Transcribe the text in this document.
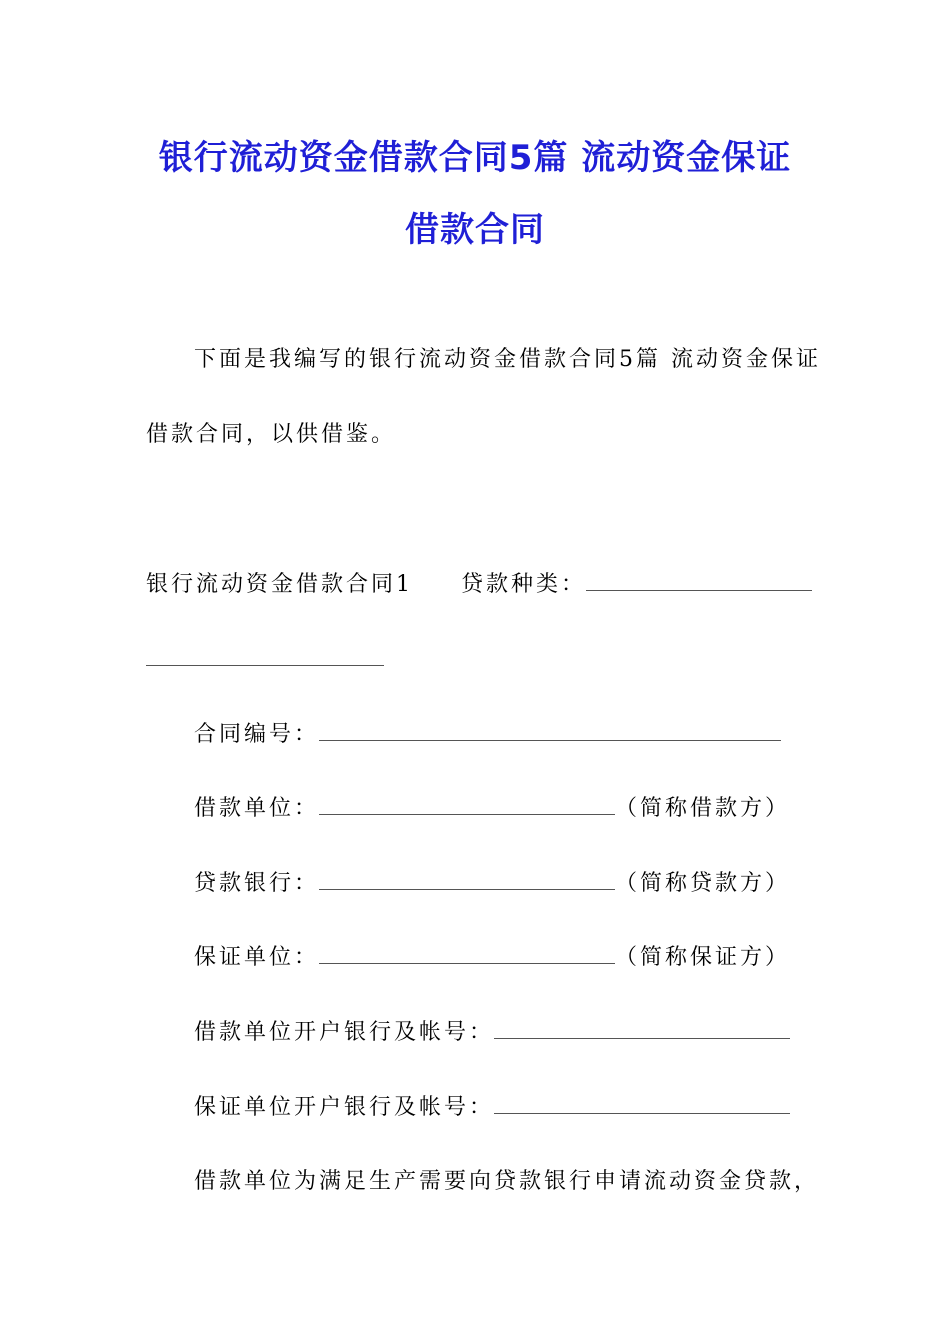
银行流动资金借款合同5篇 流动资金保证
借款合同
下面是我编写的银行流动资金借款合同5篇 流动资金保证
借款合同，以供借鉴。
银行流动资金借款合同1 贷款种类：
合同编号：
借款单位：	（简称借款方）
贷款银行：	（简称贷款方）
保证单位：	（简称保证方）
借款单位开户银行及帐号：
保证单位开户银行及帐号：
借款单位为满足生产需要向贷款银行申请流动资金贷款，
